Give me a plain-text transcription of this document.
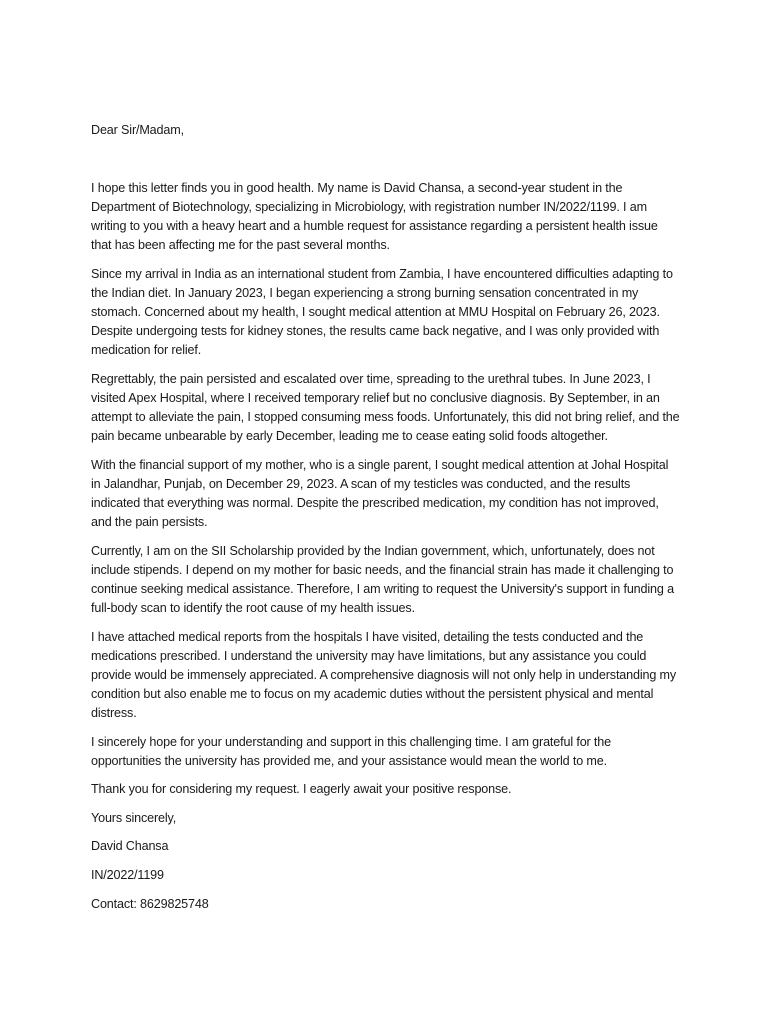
Dear Sir/Madam,

I hope this letter finds you in good health. My name is David Chansa, a second-year student in the Department of Biotechnology, specializing in Microbiology, with registration number IN/2022/1199. I am writing to you with a heavy heart and a humble request for assistance regarding a persistent health issue that has been affecting me for the past several months.

Since my arrival in India as an international student from Zambia, I have encountered difficulties adapting to the Indian diet. In January 2023, I began experiencing a strong burning sensation concentrated in my stomach. Concerned about my health, I sought medical attention at MMU Hospital on February 26, 2023. Despite undergoing tests for kidney stones, the results came back negative, and I was only provided with medication for relief.

Regrettably, the pain persisted and escalated over time, spreading to the urethral tubes. In June 2023, I visited Apex Hospital, where I received temporary relief but no conclusive diagnosis. By September, in an attempt to alleviate the pain, I stopped consuming mess foods. Unfortunately, this did not bring relief, and the pain became unbearable by early December, leading me to cease eating solid foods altogether.

With the financial support of my mother, who is a single parent, I sought medical attention at Johal Hospital in Jalandhar, Punjab, on December 29, 2023. A scan of my testicles was conducted, and the results indicated that everything was normal. Despite the prescribed medication, my condition has not improved, and the pain persists.

Currently, I am on the SII Scholarship provided by the Indian government, which, unfortunately, does not include stipends. I depend on my mother for basic needs, and the financial strain has made it challenging to continue seeking medical assistance. Therefore, I am writing to request the University's support in funding a full-body scan to identify the root cause of my health issues.

I have attached medical reports from the hospitals I have visited, detailing the tests conducted and the medications prescribed. I understand the university may have limitations, but any assistance you could provide would be immensely appreciated. A comprehensive diagnosis will not only help in understanding my condition but also enable me to focus on my academic duties without the persistent physical and mental distress.

I sincerely hope for your understanding and support in this challenging time. I am grateful for the opportunities the university has provided me, and your assistance would mean the world to me.

Thank you for considering my request. I eagerly await your positive response.

Yours sincerely,

David Chansa

IN/2022/1199

Contact: 8629825748
